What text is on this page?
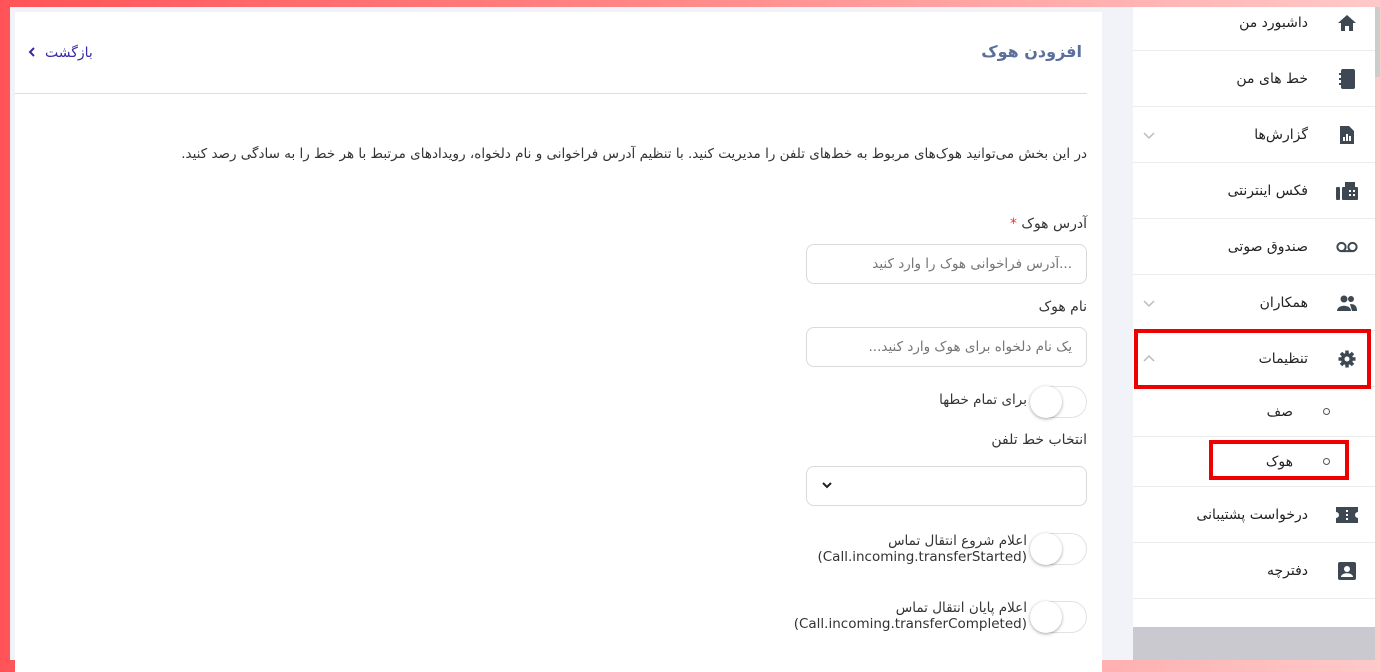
افزودن هوک
بازگشت
در این بخش می‌توانید هوک‌های مربوط به خط‌های تلفن را مدیریت کنید. با تنظیم آدرس فراخوانی و نام دلخواه، رویدادهای مرتبط با هر خط را به سادگی رصد کنید.
آدرس هوک *
...آدرس فراخوانی هوک را وارد کنید
نام هوک
یک نام دلخواه برای هوک وارد کنید...
برای تمام خطها
انتخاب خط تلفن
اعلام شروع انتقال تماس
(Call.incoming.transferStarted)
اعلام پایان انتقال تماس
(Call.incoming.transferCompleted)
داشبورد من
خط های من
گزارش‌ها
فکس اینترنتی
صندوق صوتی
همکاران
تنظیمات
صف
هوک
درخواست پشتیبانی
دفترچه
